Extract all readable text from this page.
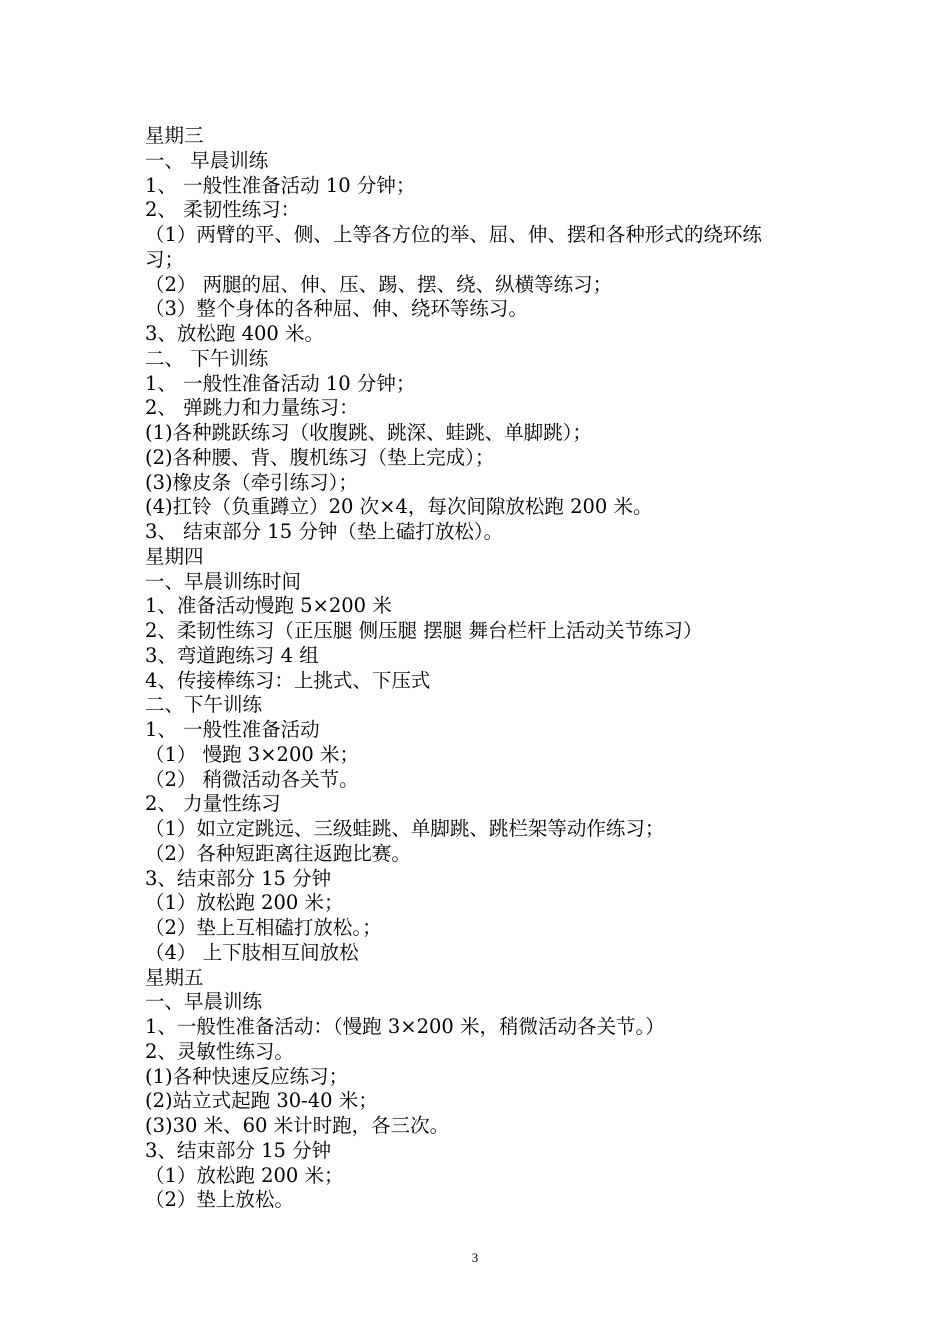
星期三

一、 早晨训练

1、 一般性准备活动 10 分钟；

2、 柔韧性练习：

（1）两臂的平、侧、上等各方位的举、屈、伸、摆和各种形式的绕环练

习；

（2） 两腿的屈、伸、压、踢、摆、绕、纵横等练习；

（3）整个身体的各种屈、伸、绕环等练习。

3、放松跑 400 米。

二、 下午训练

1、 一般性准备活动 10 分钟；

2、 弹跳力和力量练习：

(1)各种跳跃练习（收腹跳、跳深、蛙跳、单脚跳）；

(2)各种腰、背、腹机练习（垫上完成）；

(3)橡皮条（牵引练习）；

(4)扛铃（负重蹲立）20 次×4，每次间隙放松跑 200 米。

3、 结束部分 15 分钟（垫上磕打放松）。

星期四

一、早晨训练时间

1、准备活动慢跑 5×200 米

2、柔韧性练习（正压腿 侧压腿 摆腿 舞台栏杆上活动关节练习）

3、弯道跑练习 4 组

4、传接棒练习：上挑式、下压式

二、下午训练

1、 一般性准备活动

（1） 慢跑 3×200 米；

（2） 稍微活动各关节。

2、 力量性练习

（1）如立定跳远、三级蛙跳、单脚跳、跳栏架等动作练习；

（2）各种短距离往返跑比赛。

3、结束部分 15 分钟

（1）放松跑 200 米；

（2）垫上互相磕打放松。；

（4） 上下肢相互间放松

星期五

一、早晨训练

1、一般性准备活动：（慢跑 3×200 米，稍微活动各关节。）

2、灵敏性练习。

(1)各种快速反应练习；

(2)站立式起跑 30-40 米；

(3)30 米、60 米计时跑，各三次。

3、结束部分 15 分钟

（1）放松跑 200 米；

（2）垫上放松。

3
